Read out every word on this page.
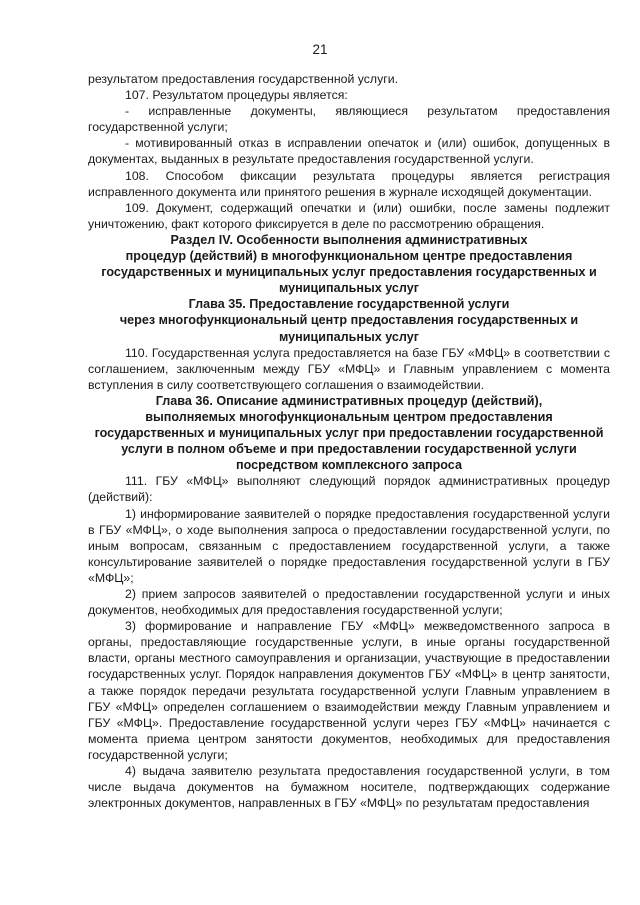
21

результатом предоставления государственной услуги.

107. Результатом процедуры является:

- исправленные документы, являющиеся результатом предоставления государственной услуги;

- мотивированный отказ в исправлении опечаток и (или) ошибок, допущенных в документах, выданных в результате предоставления государственной услуги.

108. Способом фиксации результата процедуры является регистрация исправленного документа или принятого решения в журнале исходящей документации.

109. Документ, содержащий опечатки и (или) ошибки, после замены подлежит уничтожению, факт которого фиксируется в деле по рассмотрению обращения.

Раздел IV. Особенности выполнения административных
процедур (действий) в многофункциональном центре предоставления
государственных и муниципальных услуг предоставления государственных и
муниципальных услуг
Глава 35. Предоставление государственной услуги
через многофункциональный центр предоставления государственных и
муниципальных услуг

110. Государственная услуга предоставляется на базе ГБУ «МФЦ» в соответствии с соглашением, заключенным между ГБУ «МФЦ» и Главным управлением с момента вступления в силу соответствующего соглашения о взаимодействии.

Глава 36. Описание административных процедур (действий),
выполняемых многофункциональным центром предоставления
государственных и муниципальных услуг при предоставлении государственной
услуги в полном объеме и при предоставлении государственной услуги
посредством комплексного запроса

111. ГБУ «МФЦ» выполняют следующий порядок административных процедур (действий):

1) информирование заявителей о порядке предоставления государственной услуги в ГБУ «МФЦ», о ходе выполнения запроса о предоставлении государственной услуги, по иным вопросам, связанным с предоставлением государственной услуги, а также консультирование заявителей о порядке предоставления государственной услуги в ГБУ «МФЦ»;

2) прием запросов заявителей о предоставлении государственной услуги и иных документов, необходимых для предоставления государственной услуги;

3) формирование и направление ГБУ «МФЦ» межведомственного запроса в органы, предоставляющие государственные услуги, в иные органы государственной власти, органы местного самоуправления и организации, участвующие в предоставлении государственных услуг. Порядок направления документов ГБУ «МФЦ» в центр занятости, а также порядок передачи результата государственной услуги Главным управлением в ГБУ «МФЦ» определен соглашением о взаимодействии между Главным управлением и ГБУ «МФЦ». Предоставление государственной услуги через ГБУ «МФЦ» начинается с момента приема центром занятости документов, необходимых для предоставления государственной услуги;

4) выдача заявителю результата предоставления государственной услуги, в том числе выдача документов на бумажном носителе, подтверждающих содержание электронных документов, направленных в ГБУ «МФЦ» по результатам предоставления
